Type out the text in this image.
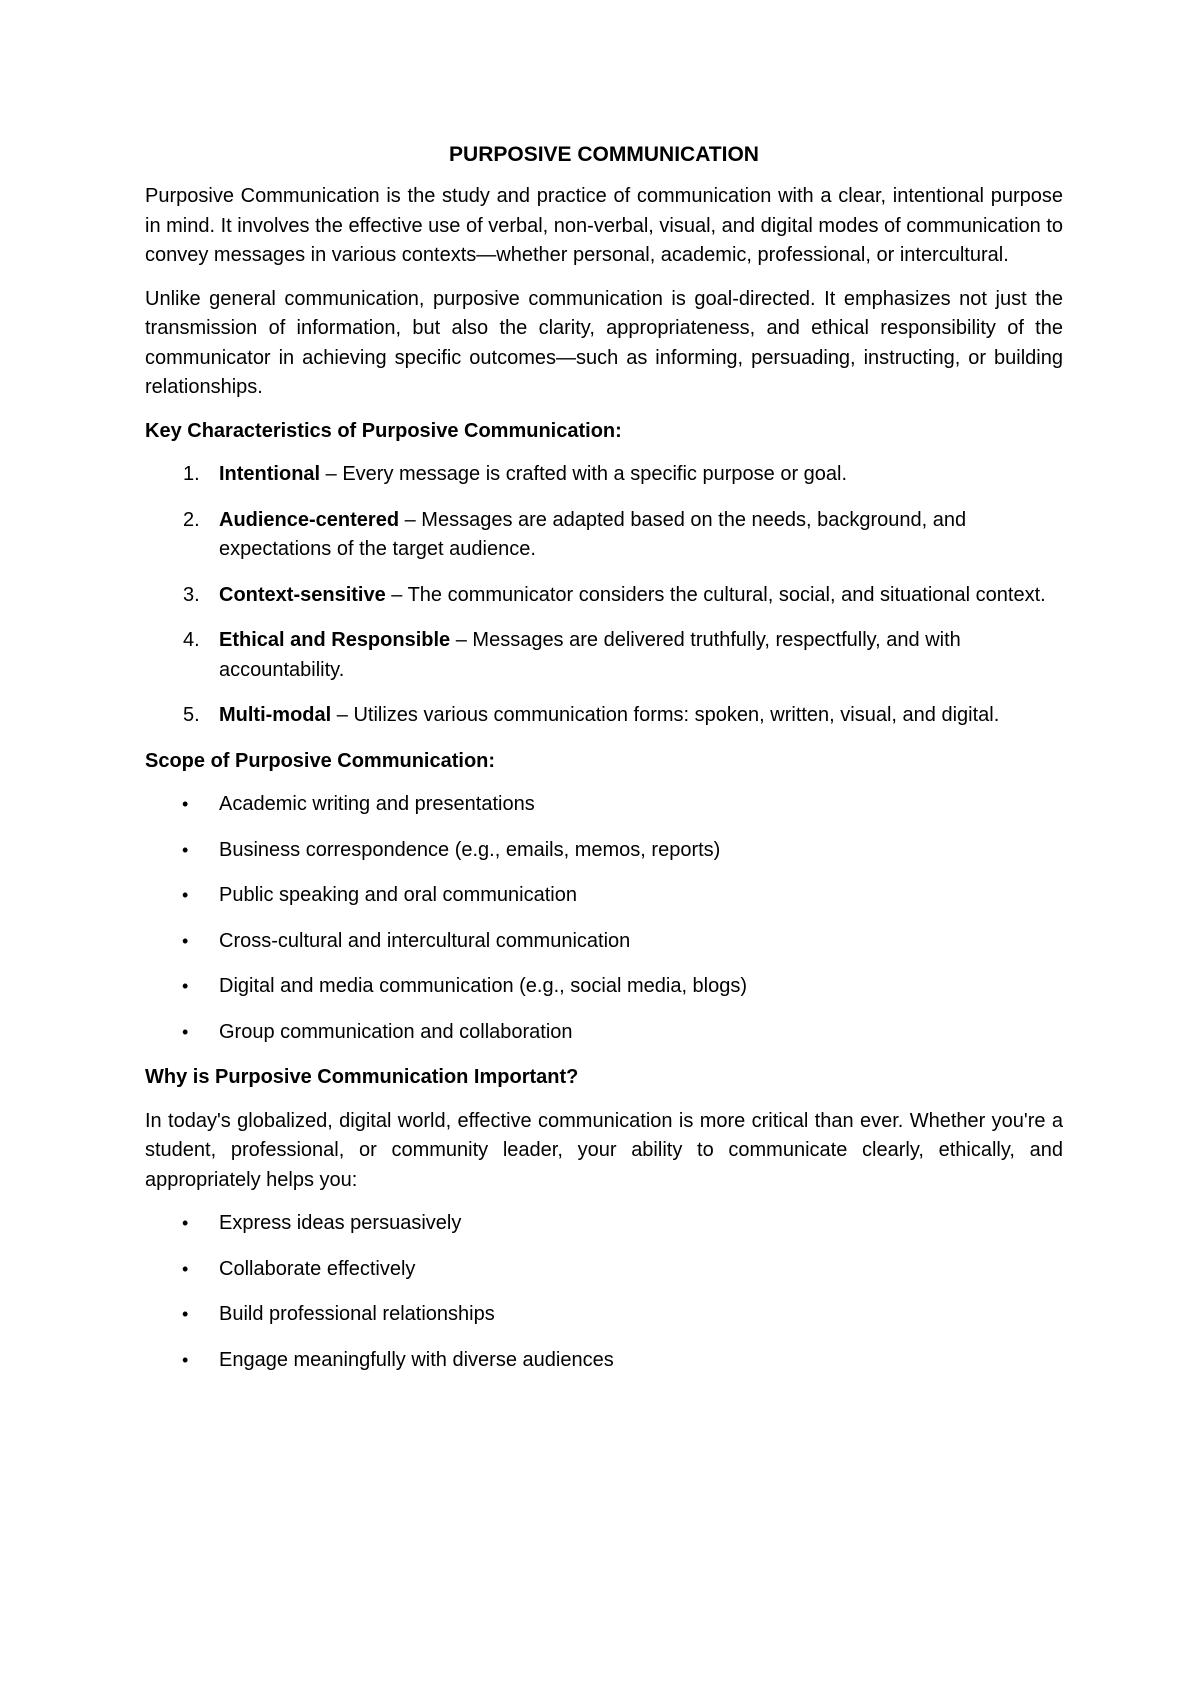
PURPOSIVE COMMUNICATION

Purposive Communication is the study and practice of communication with a clear, intentional purpose in mind. It involves the effective use of verbal, non-verbal, visual, and digital modes of communication to convey messages in various contexts—whether personal, academic, professional, or intercultural.

Unlike general communication, purposive communication is goal-directed. It emphasizes not just the transmission of information, but also the clarity, appropriateness, and ethical responsibility of the communicator in achieving specific outcomes—such as informing, persuading, instructing, or building relationships.

Key Characteristics of Purposive Communication:
1. Intentional – Every message is crafted with a specific purpose or goal.
2. Audience-centered – Messages are adapted based on the needs, background, and expectations of the target audience.
3. Context-sensitive – The communicator considers the cultural, social, and situational context.
4. Ethical and Responsible – Messages are delivered truthfully, respectfully, and with accountability.
5. Multi-modal – Utilizes various communication forms: spoken, written, visual, and digital.
Scope of Purposive Communication:
• Academic writing and presentations
• Business correspondence (e.g., emails, memos, reports)
• Public speaking and oral communication
• Cross-cultural and intercultural communication
• Digital and media communication (e.g., social media, blogs)
• Group communication and collaboration
Why is Purposive Communication Important?

In today's globalized, digital world, effective communication is more critical than ever. Whether you're a student, professional, or community leader, your ability to communicate clearly, ethically, and appropriately helps you:

• Express ideas persuasively
• Collaborate effectively
• Build professional relationships
• Engage meaningfully with diverse audiences
